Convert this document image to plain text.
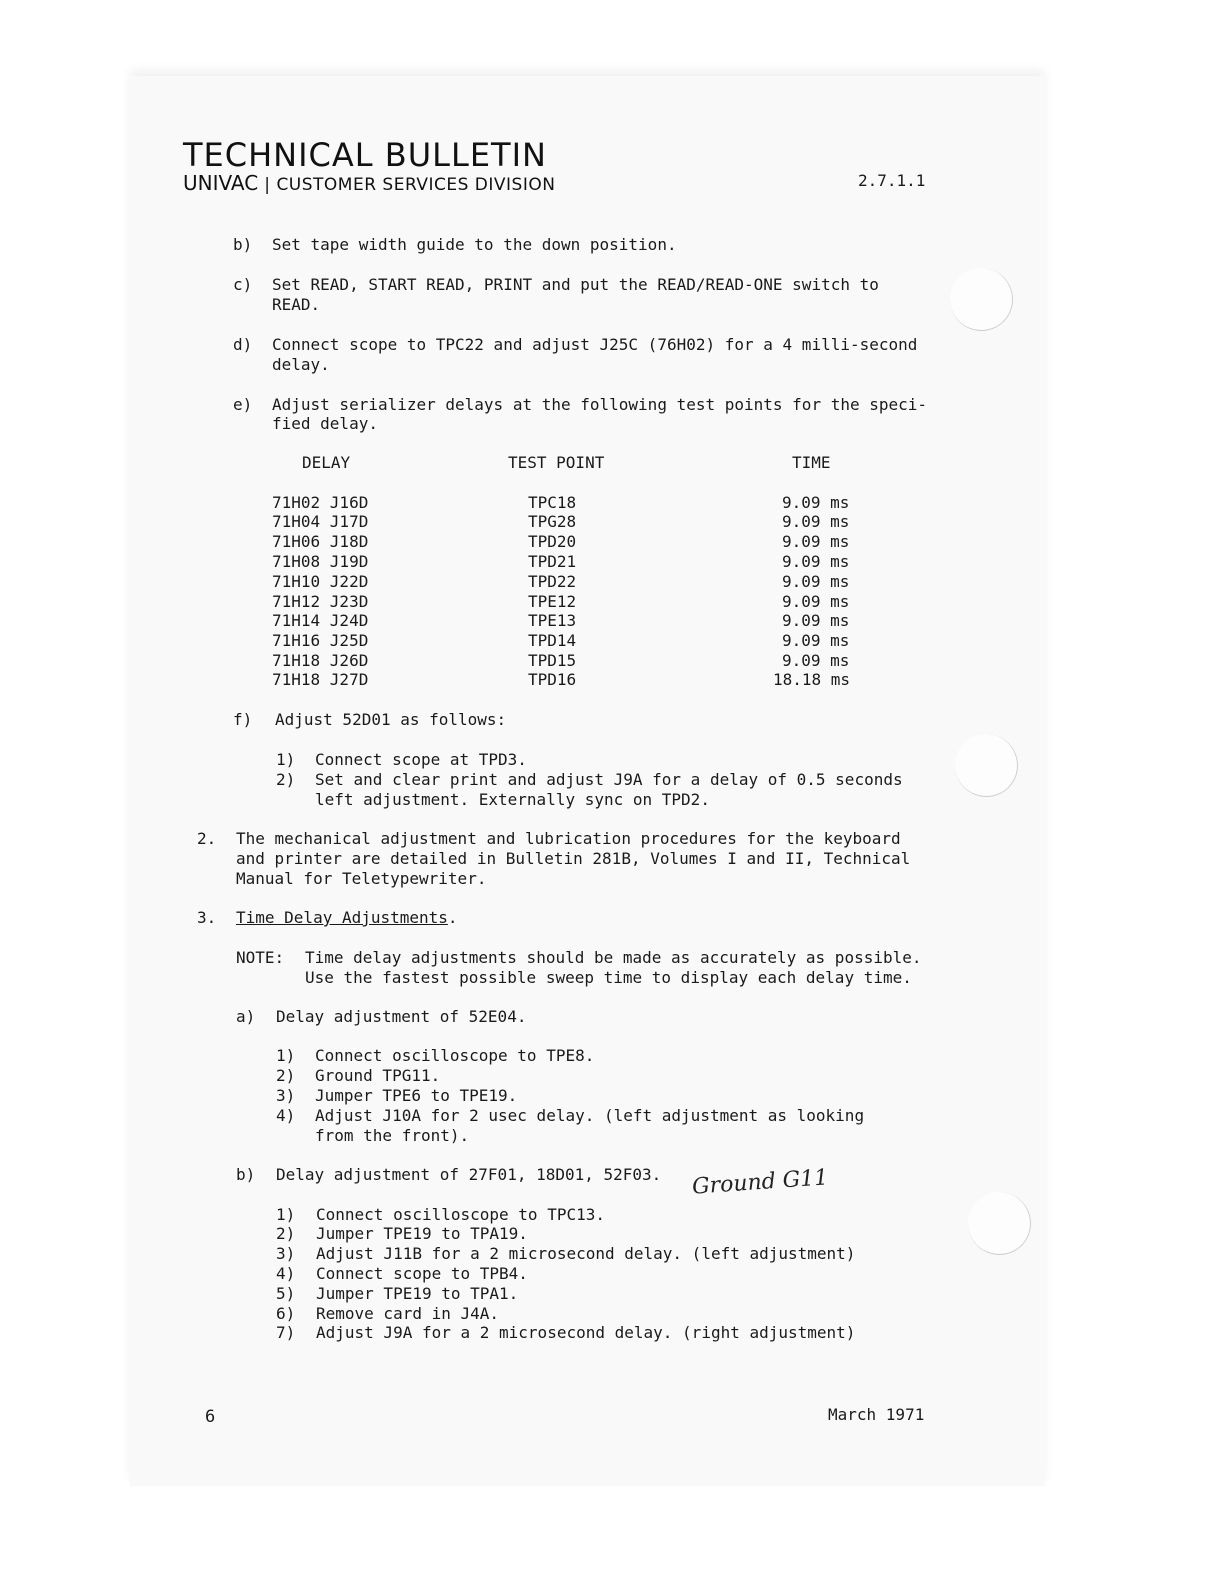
TECHNICAL BULLETIN
UNIVAC | CUSTOMER SERVICES DIVISION	2.7.1.1
b) Set tape width guide to the down position.
c) Set READ, START READ, PRINT and put the READ/READ-ONE switch to
READ.
d) Connect scope to TPC22 and adjust J25C (76H02) for a 4 milli-second
delay.
e) Adjust serializer delays at the following test points for the speci-
fied delay.
DELAY	TEST POINT	TIME
71H02 J16D	TPC18	9.09 ms
71H04 J17D	TPG28	9.09 ms
71H06 J18D	TPD20	9.09 ms
71H08 J19D	TPD21	9.09 ms
71H10 J22D	TPD22	9.09 ms
71H12 J23D	TPE12	9.09 ms
71H14 J24D	TPE13	9.09 ms
71H16 J25D	TPD14	9.09 ms
71H18 J26D	TPD15	9.09 ms
71H18 J27D	TPD16	18.18 ms
f) Adjust 52D01 as follows:
1) Connect scope at TPD3.
2) Set and clear print and adjust J9A for a delay of 0.5 seconds
left adjustment. Externally sync on TPD2.
2. The mechanical adjustment and lubrication procedures for the keyboard
and printer are detailed in Bulletin 281B, Volumes I and II, Technical
Manual for Teletypewriter.
3. Time Delay Adjustments.
NOTE: Time delay adjustments should be made as accurately as possible.
Use the fastest possible sweep time to display each delay time.
a) Delay adjustment of 52E04.
1) Connect oscilloscope to TPE8.
2) Ground TPG11.
3) Jumper TPE6 to TPE19.
4) Adjust J10A for 2 usec delay. (left adjustment as looking
from the front).
b) Delay adjustment of 27F01, 18D01, 52F03. Ground G11
1) Connect oscilloscope to TPC13.
2) Jumper TPE19 to TPA19.
3) Adjust J11B for a 2 microsecond delay. (left adjustment)
4) Connect scope to TPB4.
5) Jumper TPE19 to TPA1.
6) Remove card in J4A.
7) Adjust J9A for a 2 microsecond delay. (right adjustment)
6	March 1971
